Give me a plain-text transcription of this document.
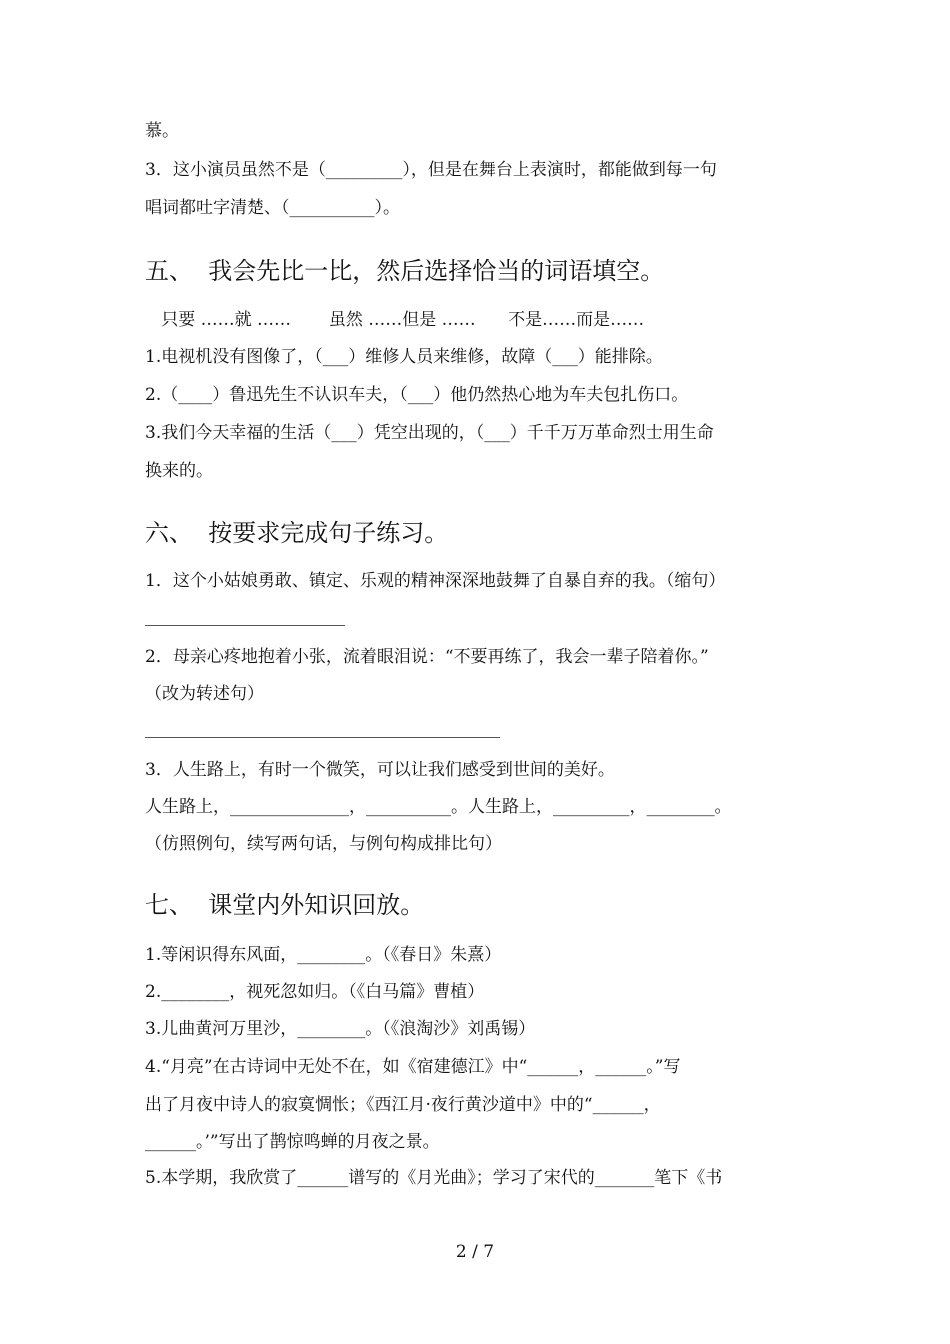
慕。
3．这小演员虽然不是（_________），但是在舞台上表演时，都能做到每一句
唱词都吐字清楚、（__________）。
五、  我会先比一比，然后选择恰当的词语填空。
只要 ……就 ……       虽然 ……但是 ……      不是……而是……
1.电视机没有图像了，（___）维修人员来维修，故障（___）能排除。
2.（____）鲁迅先生不认识车夫，（___）他仍然热心地为车夫包扎伤口。
3.我们今天幸福的生活（___）凭空出现的，（___）千千万万革命烈士用生命
换来的。
六、  按要求完成句子练习。
1．这个小姑娘勇敢、镇定、乐观的精神深深地鼓舞了自暴自弃的我。（缩句）
2．母亲心疼地抱着小张，流着眼泪说：“不要再练了，我会一辈子陪着你。”
（改为转述句）
3．人生路上，有时一个微笑，可以让我们感受到世间的美好。
人生路上，______________，__________。人生路上，_________，________。
（仿照例句，续写两句话，与例句构成排比句）
七、  课堂内外知识回放。
1.等闲识得东风面，________。（《春日》朱熹）
2.________，视死忽如归。（《白马篇》曹植）
3.儿曲黄河万里沙，________。（《浪淘沙》刘禹锡）
4.“月亮”在古诗词中无处不在，如《宿建德江》中“______，______。”写
出了月夜中诗人的寂寞惆怅；《西江月·夜行黄沙道中》中的“______，
______。’”写出了鹊惊鸣蝉的月夜之景。
5.本学期，我欣赏了______谱写的《月光曲》；学习了宋代的_______笔下《书
2 / 7
